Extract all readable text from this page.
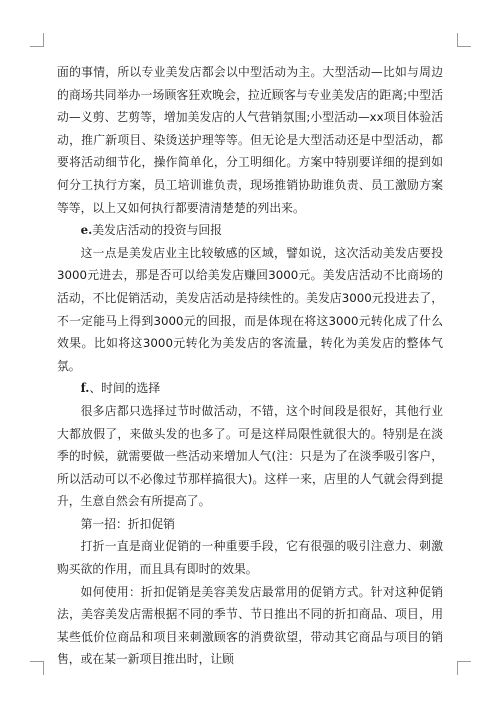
面的事情，所以专业美发店都会以中型活动为主。大型活动—比如与周边的商场共同举办一场顾客狂欢晚会，拉近顾客与专业美发店的距离;中型活动—义剪、艺剪等，增加美发店的人气营销氛围;小型活动—xx项目体验活动，推广新项目、染烫送护理等等。但无论是大型活动还是中型活动，都要将活动细节化，操作简单化，分工明细化。方案中特别要详细的提到如何分工执行方案，员工培训谁负责，现场推销协助谁负责、员工激励方案等等，以上又如何执行都要清清楚楚的列出来。

e.美发店活动的投资与回报

这一点是美发店业主比较敏感的区域，譬如说，这次活动美发店要投3000元进去，那是否可以给美发店赚回3000元。美发店活动不比商场的活动，不比促销活动，美发店活动是持续性的。美发店3000元投进去了，不一定能马上得到3000元的回报，而是体现在将这3000元转化成了什么效果。比如将这3000元转化为美发店的客流量，转化为美发店的整体气氛。

f.、时间的选择

很多店都只选择过节时做活动，不错，这个时间段是很好，其他行业大都放假了，来做头发的也多了。可是这样局限性就很大的。特别是在淡季的时候，就需要做一些活动来增加人气(注：只是为了在淡季吸引客户，所以活动可以不必像过节那样搞很大)。这样一来，店里的人气就会得到提升，生意自然会有所提高了。

第一招：折扣促销

打折一直是商业促销的一种重要手段，它有很强的吸引注意力、刺激购买欲的作用，而且具有即时的效果。

如何使用：折扣促销是美容美发店最常用的促销方式。针对这种促销法，美容美发店需根据不同的季节、节日推出不同的折扣商品、项目，用某些低价位商品和项目来刺激顾客的消费欲望，带动其它商品与项目的销售，或在某一新项目推出时，让顾
